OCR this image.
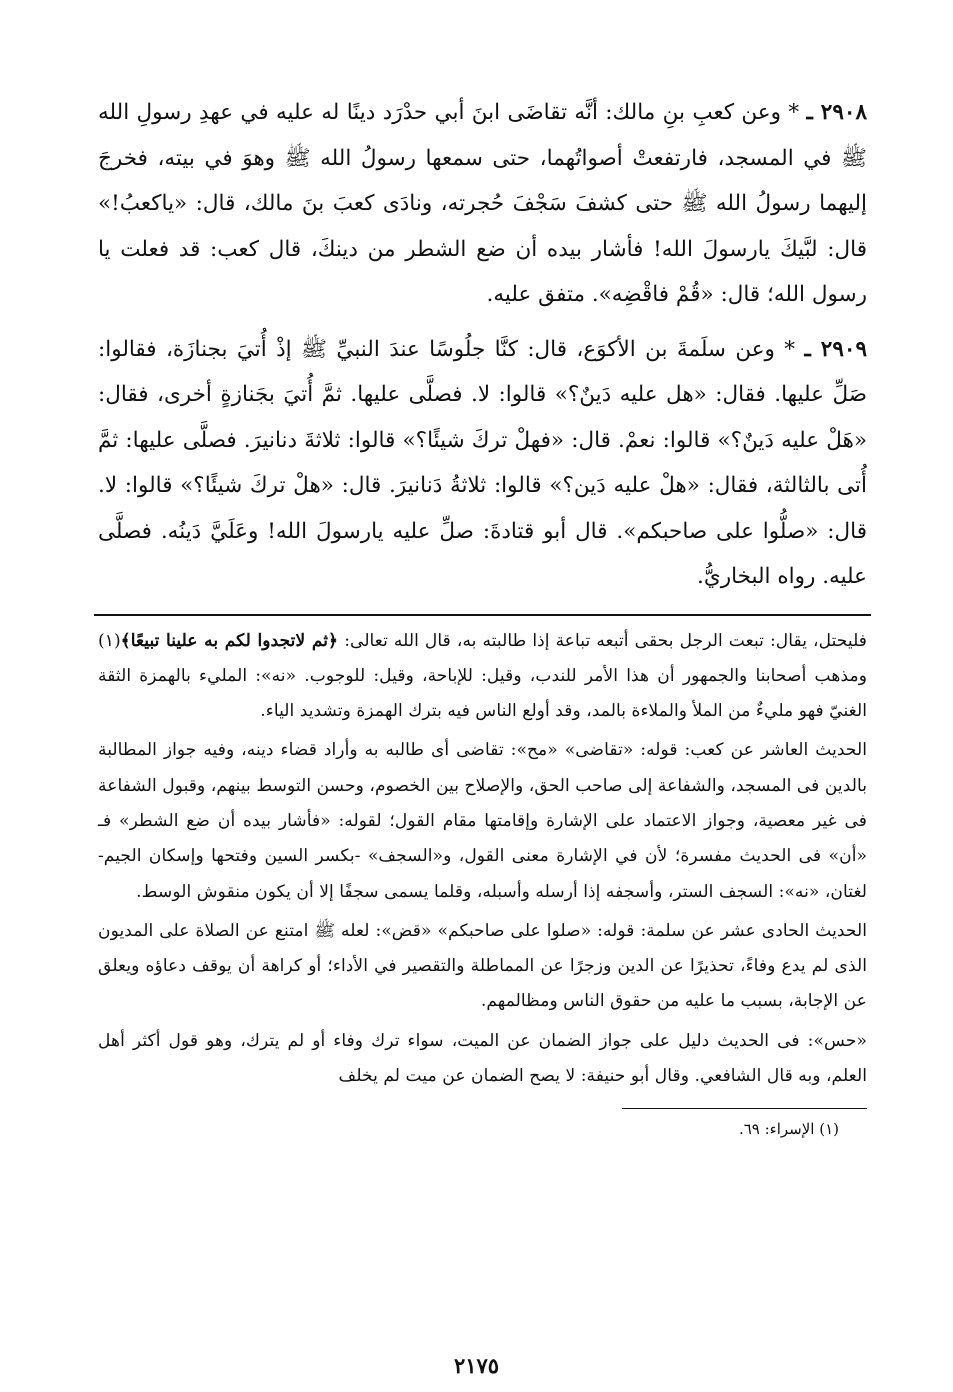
٢٩٠٨ ـ * وعن كعبِ بنِ مالك: أنَّه تقاضَى ابنَ أبي حدْرَد دينًا له عليه في عهدِ رسولِ الله ﷺ في المسجد، فارتفعتْ أصواتُهما، حتى سمعها رسولُ الله ﷺ وهوَ في بيته، فخرجَ إليهما رسولُ الله ﷺ حتى كشفَ سَجْفَ حُجرته، ونادَى كعبَ بنَ مالك، قال: «ياكعبُ!» قال: لبَّيكَ يارسولَ الله! فأشار بيده أن ضع الشطر من دينكَ، قال كعب: قد فعلت يا رسول الله؛ قال: «قُمْ فاقْضِه». متفق عليه.

٢٩٠٩ ـ * وعن سلَمةَ بن الأكوَع، قال: كنَّا جلُوسًا عندَ النبيِّ ﷺ إذْ أُتيَ بجنازَة، فقالوا: صَلِّ عليها. فقال: «هل عليه دَينٌ؟» قالوا: لا. فصلَّى عليها. ثمَّ أُتيَ بجَنازةٍ أخرى، فقال: «هَلْ عليه دَينٌ؟» قالوا: نعمْ. قال: «فهلْ تركَ شيئًا؟» قالوا: ثلاثةَ دنانيرَ. فصلَّى عليها: ثمَّ أُتى بالثالثة، فقال: «هلْ عليه دَين؟» قالوا: ثلاثةُ دَنانيرَ. قال: «هلْ تركَ شيئًا؟» قالوا: لا. قال: «صلُّوا على صاحبكم». قال أبو قتادةَ: صلِّ عليه يارسولَ الله! وعَلَيَّ دَينُه. فصلَّى عليه. رواه البخاريُّ.

فليحتل، يقال: تبعت الرجل بحقى أتبعه تباعة إذا طالبته به، قال الله تعالى: ﴿ثم لاتجدوا لكم به علينا تبيعًا﴾(١) ومذهب أصحابنا والجمهور أن هذا الأمر للندب، وقيل: للإباحة، وقيل: للوجوب. «نه»: المليء بالهمزة الثقة الغنيّ فهو مليءٌ من الملأ والملاءة بالمد، وقد أولع الناس فيه بترك الهمزة وتشديد الياء.

الحديث العاشر عن كعب: قوله: «تقاضى» «مح»: تقاضى أى طالبه به وأراد قضاء دينه، وفيه جواز المطالبة بالدين فى المسجد، والشفاعة إلى صاحب الحق، والإصلاح بين الخصوم، وحسن التوسط بينهم، وقبول الشفاعة فى غير معصية، وجواز الاعتماد على الإشارة وإقامتها مقام القول؛ لقوله: «فأشار بيده أن ضع الشطر» فـ «أن» فى الحديث مفسرة؛ لأن في الإشارة معنى القول، و«السجف» -بكسر السين وفتحها وإسكان الجيم- لغتان، «نه»: السجف الستر، وأسجفه إذا أرسله وأسبله، وقلما يسمى سجفًا إلا أن يكون منقوش الوسط.

الحديث الحادى عشر عن سلمة: قوله: «صلوا على صاحبكم» «قض»: لعله ﷺ امتنع عن الصلاة على المديون الذى لم يدع وفاءً، تحذيرًا عن الدين وزجرًا عن المماطلة والتقصير في الأداء؛ أو كراهة أن يوقف دعاؤه ويعلق عن الإجابة، بسبب ما عليه من حقوق الناس ومظالمهم.

«حس»: فى الحديث دليل على جواز الضمان عن الميت، سواء ترك وفاء أو لم يترك، وهو قول أكثر أهل العلم، وبه قال الشافعي. وقال أبو حنيفة: لا يصح الضمان عن ميت لم يخلف

(١) الإسراء: ٦٩.

٢١٧٥
